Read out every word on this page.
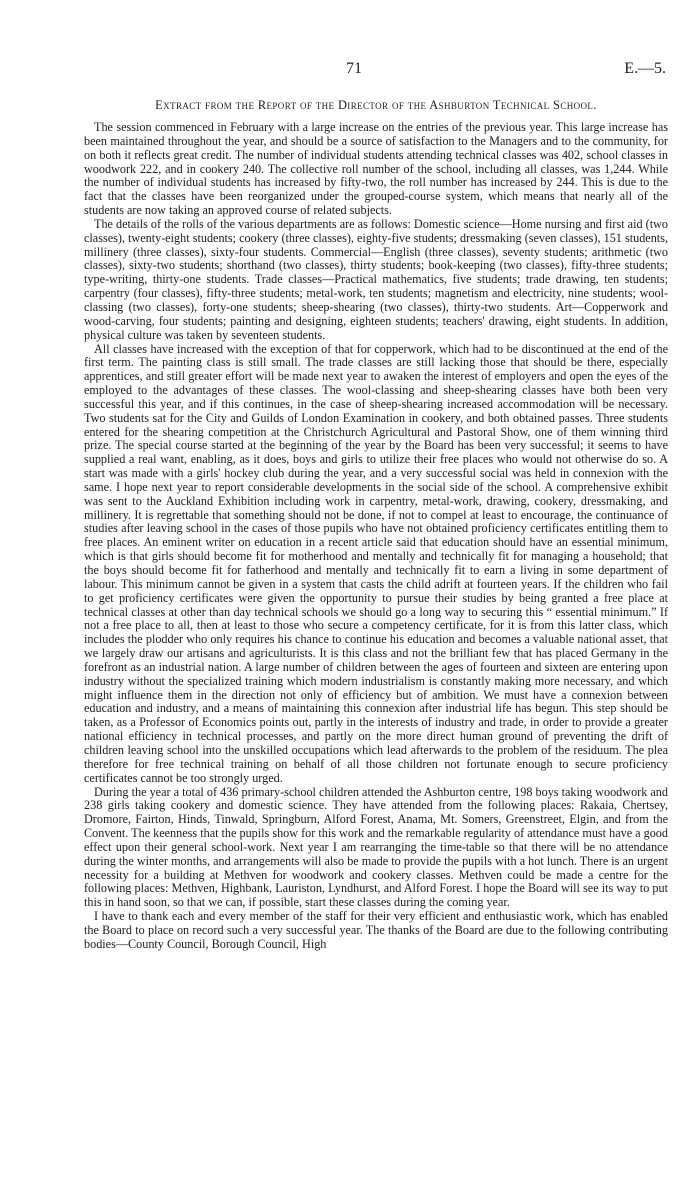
71	E.—5.
Extract from the Report of the Director of the Ashburton Technical School.

The session commenced in February with a large increase on the entries of the previous year. This large increase has been maintained throughout the year, and should be a source of satisfaction to the Managers and to the community, for on both it reflects great credit. The number of individual students attending technical classes was 402, school classes in woodwork 222, and in cookery 240. The collective roll number of the school, including all classes, was 1,244. While the number of individual students has increased by fifty-two, the roll number has increased by 244. This is due to the fact that the classes have been reorganized under the grouped-course system, which means that nearly all of the students are now taking an approved course of related subjects.

The details of the rolls of the various departments are as follows: Domestic science—Home nursing and first aid (two classes), twenty-eight students; cookery (three classes), eighty-five students; dressmaking (seven classes), 151 students, millinery (three classes), sixty-four students. Commercial—English (three classes), seventy students; arithmetic (two classes), sixty-two students; shorthand (two classes), thirty students; book-keeping (two classes), fifty-three students; type-writing, thirty-one students. Trade classes—Practical mathematics, five students; trade drawing, ten students; carpentry (four classes), fifty-three students; metal-work, ten students; magnetism and electricity, nine students; wool-classing (two classes), forty-one students; sheep-shearing (two classes), thirty-two students. Art—Copperwork and wood-carving, four students; painting and designing, eighteen students; teachers' drawing, eight students. In addition, physical culture was taken by seventeen students.

All classes have increased with the exception of that for copperwork, which had to be discontinued at the end of the first term. The painting class is still small. The trade classes are still lacking those that should be there, especially apprentices, and still greater effort will be made next year to awaken the interest of employers and open the eyes of the employed to the advantages of these classes. The wool-classing and sheep-shearing classes have both been very successful this year, and if this continues, in the case of sheep-shearing increased accommodation will be necessary. Two students sat for the City and Guilds of London Examination in cookery, and both obtained passes. Three students entered for the shearing competition at the Christchurch Agricultural and Pastoral Show, one of them winning third prize. The special course started at the beginning of the year by the Board has been very successful; it seems to have supplied a real want, enabling, as it does, boys and girls to utilize their free places who would not otherwise do so. A start was made with a girls' hockey club during the year, and a very successful social was held in connexion with the same. I hope next year to report considerable developments in the social side of the school. A comprehensive exhibit was sent to the Auckland Exhibition including work in carpentry, metal-work, drawing, cookery, dressmaking, and millinery. It is regrettable that something should not be done, if not to compel at least to encourage, the continuance of studies after leaving school in the cases of those pupils who have not obtained proficiency certificates entitling them to free places. An eminent writer on education in a recent article said that education should have an essential minimum, which is that girls should become fit for motherhood and mentally and technically fit for managing a household; that the boys should become fit for fatherhood and mentally and technically fit to earn a living in some department of labour. This minimum cannot be given in a system that casts the child adrift at fourteen years. If the children who fail to get proficiency certificates were given the opportunity to pursue their studies by being granted a free place at technical classes at other than day technical schools we should go a long way to securing this “ essential minimum.” If not a free place to all, then at least to those who secure a competency certificate, for it is from this latter class, which includes the plodder who only requires his chance to continue his education and becomes a valuable national asset, that we largely draw our artisans and agriculturists. It is this class and not the brilliant few that has placed Germany in the forefront as an industrial nation. A large number of children between the ages of fourteen and sixteen are entering upon industry without the specialized training which modern industrialism is constantly making more necessary, and which might influence them in the direction not only of efficiency but of ambition. We must have a connexion between education and industry, and a means of maintaining this connexion after industrial life has begun. This step should be taken, as a Professor of Economics points out, partly in the interests of industry and trade, in order to provide a greater national efficiency in technical processes, and partly on the more direct human ground of preventing the drift of children leaving school into the unskilled occupations which lead afterwards to the problem of the residuum. The plea therefore for free technical training on behalf of all those children not fortunate enough to secure proficiency certificates cannot be too strongly urged.

During the year a total of 436 primary-school children attended the Ashburton centre, 198 boys taking woodwork and 238 girls taking cookery and domestic science. They have attended from the following places: Rakaia, Chertsey, Dromore, Fairton, Hinds, Tinwald, Springburn, Alford Forest, Anama, Mt. Somers, Greenstreet, Elgin, and from the Convent. The keenness that the pupils show for this work and the remarkable regularity of attendance must have a good effect upon their general school-work. Next year I am rearranging the time-table so that there will be no attendance during the winter months, and arrangements will also be made to provide the pupils with a hot lunch. There is an urgent necessity for a building at Methven for woodwork and cookery classes. Methven could be made a centre for the following places: Methven, Highbank, Lauriston, Lyndhurst, and Alford Forest. I hope the Board will see its way to put this in hand soon, so that we can, if possible, start these classes during the coming year.

I have to thank each and every member of the staff for their very efficient and enthusiastic work, which has enabled the Board to place on record such a very successful year. The thanks of the Board are due to the following contributing bodies—County Council, Borough Council, High
